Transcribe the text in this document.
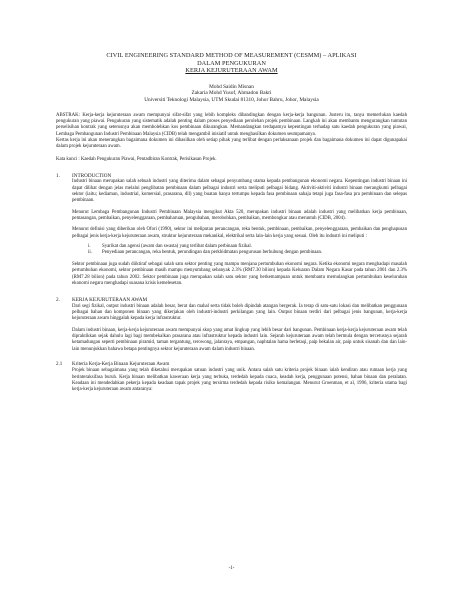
CIVIL ENGINEERING STANDARD METHOD OF MEASUREMENT (CESMM) – APLIKASI
DALAM PENGUKURAN
KERJA KEJURUTERAAN AWAM
Mohd Saidin Misnan
Zakaria Mohd Yusof, Ahmadon Bakri
Universiti Teknologi Malaysia, UTM Skudai 81310, Johor Bahru, Johor, Malaysia
ABSTRAK: Kerja-kerja kejuruteraan awam mempunyai sifat-sifat yang lebih kompleks dibandingkan dengan kerja-kerja bangunan. Justeru itu, tanya memerlukan kaedah pengukuran yang piawai. Pengukuran yang sistematik adalah penting dalam proses penyediaan perolehan projek pembinaan. Langkah ini akan membantu mengurangkan tuntutan perselisihan kontrak yang seterusnya akan membolehkan kos pembinaan dikurangkan. Memandangkan terdapatnya kepentingan terhadap satu kaedah pengukuran yang piawai, Lembaga Pembangunan Industri Pembinaan Malaysia (CIDB) telah mengambil inisiatif untuk menghasilkan dokumen seumpamanya.
Kertas kerja ini akan menerangkan bagaimana dokumen ini dihasilkan oleh setiap pihak yang terlibat dengan perlaksanaan projek dan bagaimana dokumen ini dapat digunapakai dalam projek kejuruteraan awam.
Kata kunci : Kaedah Pengukuran Piawai, Pentadbiran Kontrak, Perisikasan Projek.
1.	INTRODUCTION
Industri binaan merupakan salah sebuah industri yang diterima dalam sebagai penyumbang utama kepada pembangunan ekonomi negara. Kepentingan industri binaan ini dapat dilihat dengan jelas melalui penglibatan pembinaan dalam pelbagai industri serta meliputi pelbagai bidang. Aktiviti-aktiviti industri binaan merangkumi pelbagai sektor (iaitu; kediaman, industrial, komersial, prasarana, dll) yang buatan hanya tertumpu kepada fasa pembinaan sahaja tetapi juga fasa-fasa pra pembinaan dan selepas pembinaan.
Menurut Lembaga Pembangunan Industri Pembinaan Malaysia mengikut Akta 520, merupakan industri binaan adalah industri yang melibatkan kerja pembinaan, pemasangan, pembaikan, penyelenggaraan, pembaharuan, pengubahan, merobohkan, pembaikan, membongkar atau meruntuh (CIDB, 2004).
Menurut definisi yang diberikan oleh Ofori (1990), sektor ini meliputan perancangan, reka bentuk, pembinaan, pembaikan, penyelenggaraan, pembaikan dan penghapusan pelbagai jenis kerja-kerja kejuruteraan awam, struktur kejuruteraan mekanikal, elektrikal serta lain-lain kerja yang sesuai. Oleh itu industri ini meliputi :
i.	Syarikat dan agensi (awam dan swasta) yang terlibat dalam perbinaan fizikal.
ii.	Penyediaan perancangan, reka bentuk, perundingan dan perkhidmatan pengurusan berhubung dengan pembinaan.
Sektor pembinaan juga sudah diiktiraf sebagai salah satu sektor penting yang mampu menjana pertumbuhan ekonomi negara. Ketika ekonomi negara menghadapi masalah pertumbuhan ekonomi, sektor pembinaan masih mampu menyumbang sebanyak 2.3% (RM7.30 bilion) kepada Keluaran Dalam Negara Kasar pada tahun 2001 dan 2.3% (RM7.28 bilion) pada tahun 2002. Sektor pembinaan juga merupakan salah satu sektor yang berkemampuan untuk membantu memulangkan pertumbuhan keseluruhan ekonomi negara menghadapi suasana krisis kemelesetan.
2.	KERJA KEJURUTERAAN AWAM
Dari segi fizikal, output industri binaan adalah besar, berat dan mahal serta tidak boleh dipindah atangan bergerak. Ia terap di satu-satu lokasi dan melibatkan penggunaan pelbagai bahan dan komponen binaan yang dikerjakan oleh industri-industri perkilangan yang lain. Output binaan terdiri dari pelbagai jenis bangunan, kerja-kerja kejuruteraan awam hinggalah kepada kerja infrastruktur.
Dalam industri binaan, kerja-kerja kejuruteraan awam mempunyai skop yang amat lingkup yang lebih besar dari bangunan. Pembinaan kerja-kerja kejuruteraan awam telah dipraktikkan sejak dahulu lagi bagi membekalkan prasarana atau infrastruktur kepada industri lain. Sejarah kejuruteraan awam telah bermula dengan tercetusnya sejarah ketamadungan seperti pembinaan piramid, taman tergantung, terowong, jalanraya, empangan, naphtalan hama berletaqi, paip bekalan air, paip untuk sisanah dan dan lain-lain menunjukkan bahawa betapa pentingnya sektor kejuruteraan awam dalam industri binaan.
2.1	Kriteria Kerja-Kerja Binaan Kejuruteraan Awam
Projek binaan sebagaimana yang telah diketahui merupakan satuan industri yang unik. Antara salah satu kriteria projek binaan ialah kendiran atau rumaan kerja yang berinteraksifasa buruh. Kerja binaan melibatkan kaweraan kerja yang terbuka, terdedah kepada cuaca, keadah kerja, penggunaan potensi, bahan binaan dan peralatan. Keadaan ini mendedahkan pekerja kepada keadaan tapak projek yang tersirma terdedah kepada risiko kemalangan. Menurut Groenman, et al, 1996, kriteria utama bagi kerja-kerja kejuruteraan awam antaranya:
-1-
